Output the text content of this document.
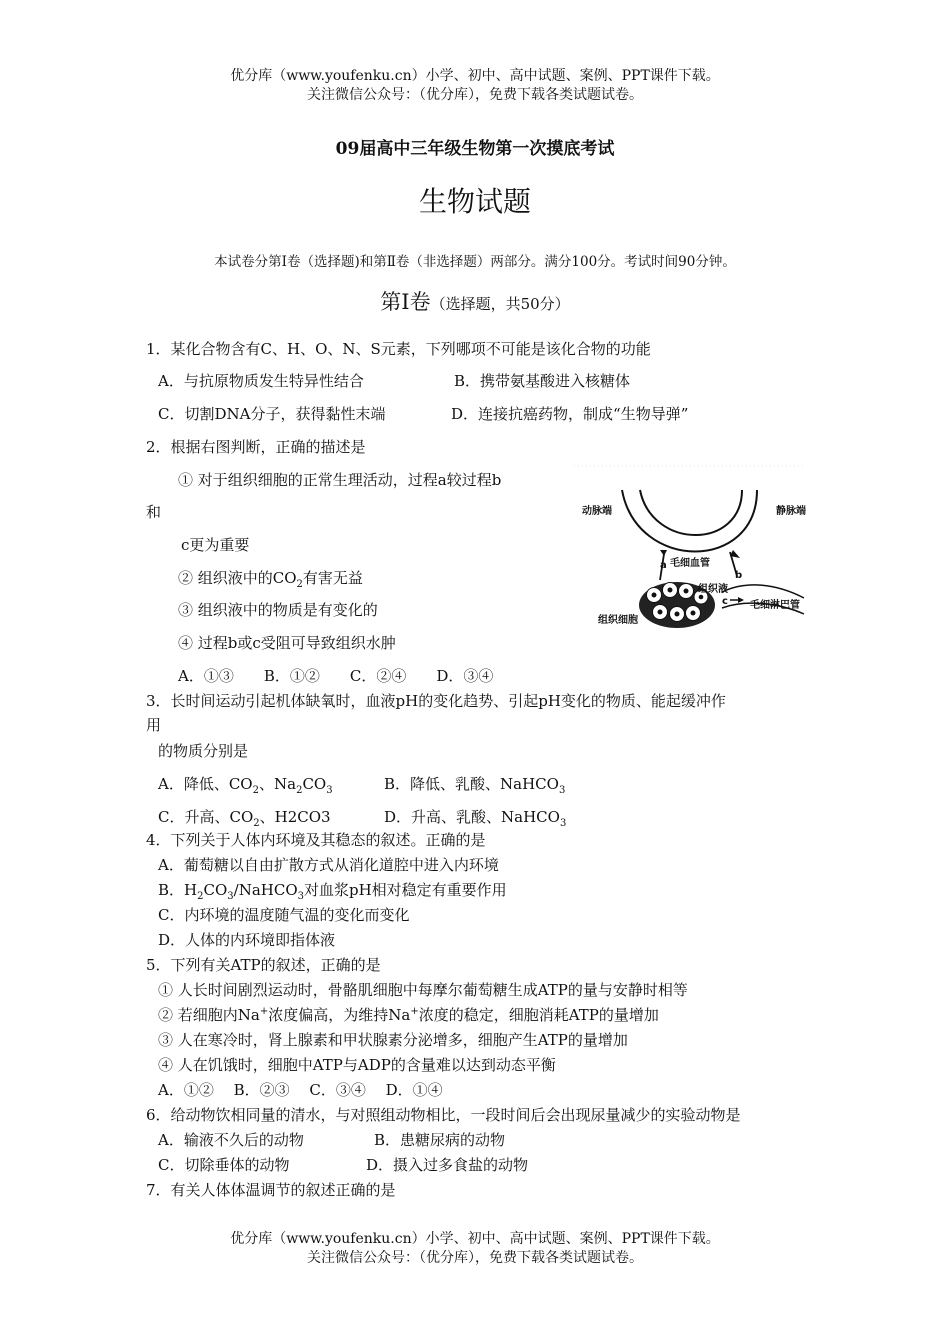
优分库（www.youfenku.cn）小学、初中、高中试题、案例、PPT课件下载。
关注微信公众号：（优分库），免费下载各类试题试卷。
09届高中三年级生物第一次摸底考试
生物试题
本试卷分第Ⅰ卷（选择题)和第Ⅱ卷（非选择题）两部分。满分100分。考试时间90分钟。
第Ⅰ卷（选择题，共50分）
1．某化合物含有C、H、O、N、S元素，下列哪项不可能是该化合物的功能
A．与抗原物质发生特异性结合	B．携带氨基酸进入核糖体
C．切割DNA分子，获得黏性末端	D．连接抗癌药物，制成“生物导弹”
2．根据右图判断，正确的描述是
① 对于组织细胞的正常生理活动，过程a较过程b
和
c更为重要
② 组织液中的$CO_2$有害无益
③ 组织液中的物质是有变化的
④ 过程b或c受阻可导致组织水肿
A．①③　　B．①②　　C．②④　　D．③④
动脉端	静脉端
毛细血管
组织液
毛细淋巴管
组织细胞
a
b
c
3．长时间运动引起机体缺氧时，血液pH的变化趋势、引起pH变化的物质、能起缓冲作
用
的物质分别是
A．降低、$CO_2$、$Na_2CO_3$	B．降低、乳酸、NaHCO$_3$
C．升高、$CO_2$、H2CO3	D．升高、乳酸、NaHCO$_3$
4．下列关于人体内环境及其稳态的叙述。正确的是
A．葡萄糖以自由扩散方式从消化道腔中进入内环境
B．$H_2CO_3/NaHCO_3$对血浆pH相对稳定有重要作用
C．内环境的温度随气温的变化而变化
D．人体的内环境即指体液
5．下列有关ATP的叙述，正确的是
① 人长时间剧烈运动时，骨骼肌细胞中每摩尔葡萄糖生成ATP的量与安静时相等
② 若细胞内Na+浓度偏高，为维持Na+浓度的稳定，细胞消耗ATP的量增加
③ 人在寒冷时，肾上腺素和甲状腺素分泌增多，细胞产生ATP的量增加
④ 人在饥饿时，细胞中ATP与ADP的含量难以达到动态平衡
A．①②　 B．②③　 C．③④　 D．①④
6．给动物饮相同量的清水，与对照组动物相比，一段时间后会出现尿量减少的实验动物是
A．输液不久后的动物	B．患糖尿病的动物
C．切除垂体的动物	D．摄入过多食盐的动物
7．有关人体体温调节的叙述正确的是
优分库（www.youfenku.cn）小学、初中、高中试题、案例、PPT课件下载。
关注微信公众号：（优分库），免费下载各类试题试卷。
